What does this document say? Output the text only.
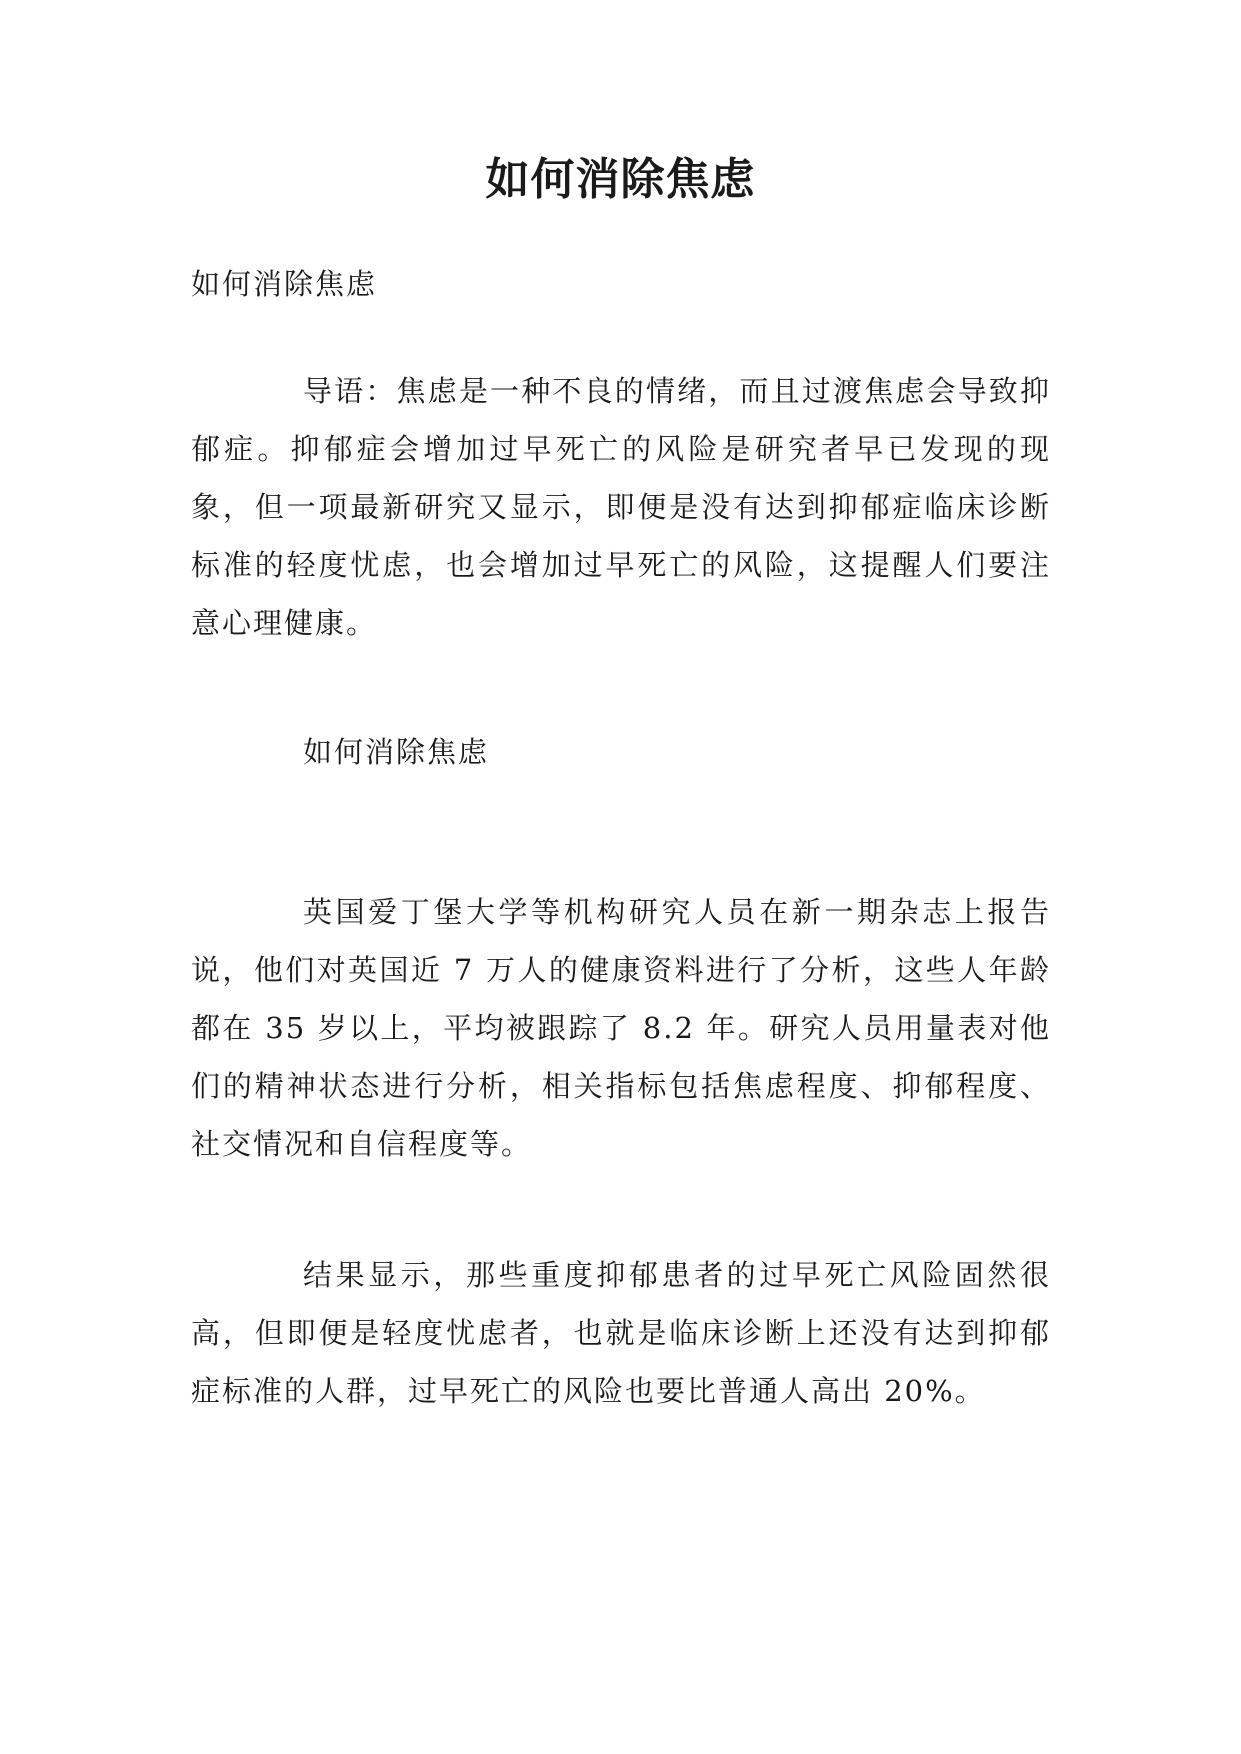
如何消除焦虑

如何消除焦虑

导语：焦虑是一种不良的情绪，而且过渡焦虑会导致抑郁症。抑郁症会增加过早死亡的风险是研究者早已发现的现象，但一项最新研究又显示，即便是没有达到抑郁症临床诊断标准的轻度忧虑，也会增加过早死亡的风险，这提醒人们要注意心理健康。

如何消除焦虑

英国爱丁堡大学等机构研究人员在新一期杂志上报告说，他们对英国近 7 万人的健康资料进行了分析，这些人年龄都在 35 岁以上，平均被跟踪了 8.2 年。研究人员用量表对他们的精神状态进行分析，相关指标包括焦虑程度、抑郁程度、社交情况和自信程度等。

结果显示，那些重度抑郁患者的过早死亡风险固然很高，但即便是轻度忧虑者，也就是临床诊断上还没有达到抑郁症标准的人群，过早死亡的风险也要比普通人高出 20%。
